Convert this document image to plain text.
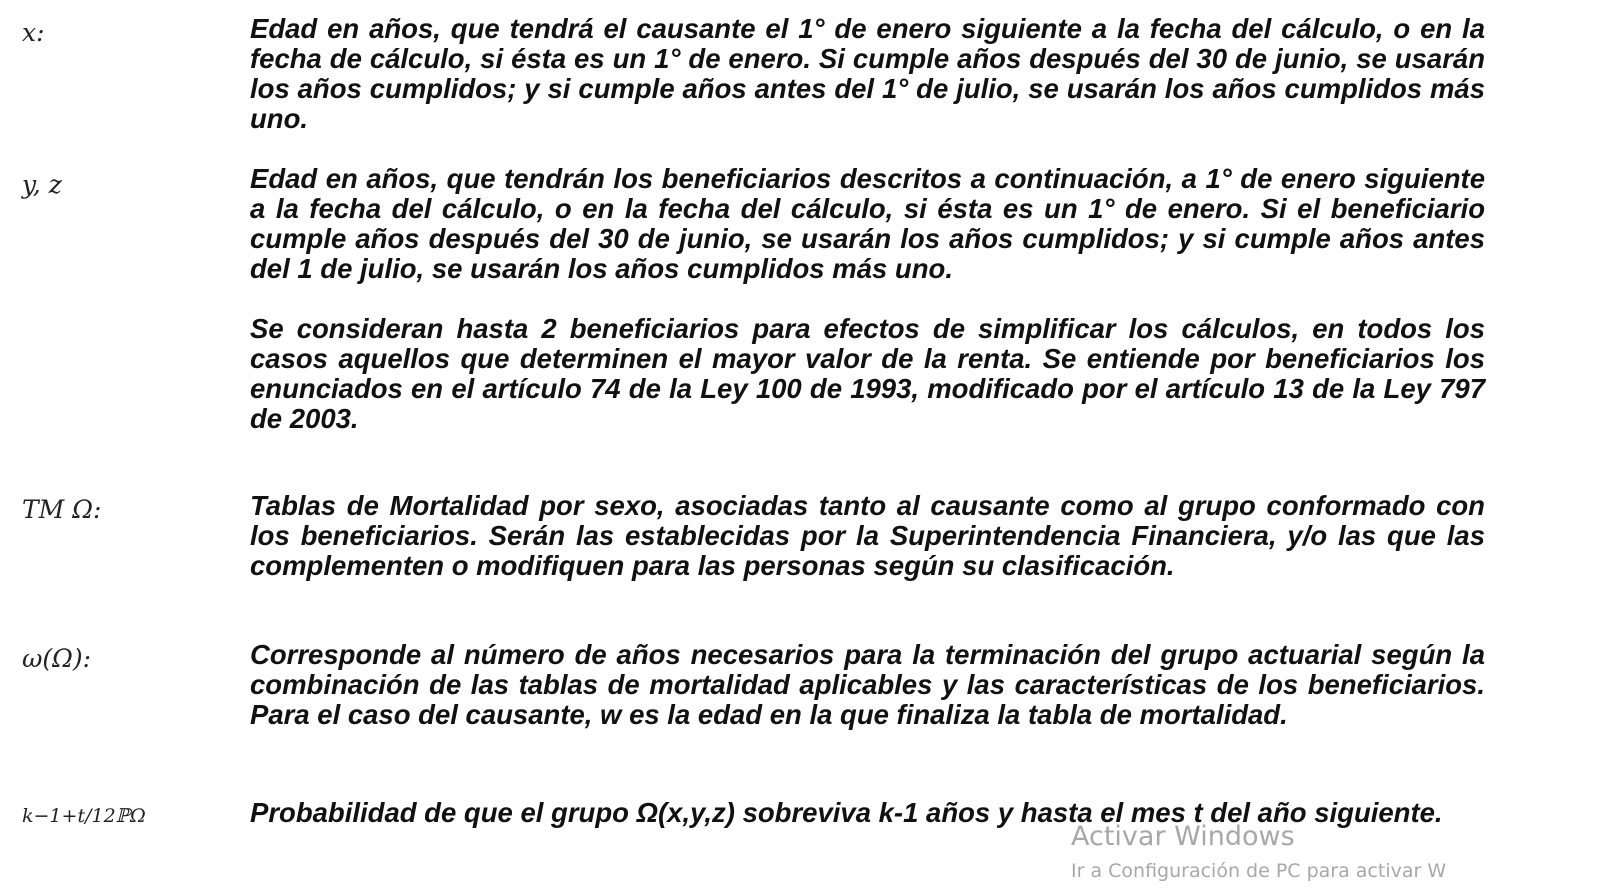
x:	Edad en años, que tendrá el causante el 1° de enero siguiente a la fecha del cálculo, o en la fecha de cálculo, si ésta es un 1° de enero. Si cumple años después del 30 de junio, se usarán los años cumplidos; y si cumple años antes del 1° de julio, se usarán los años cumplidos más uno.

y, z	Edad en años, que tendrán los beneficiarios descritos a continuación, a 1° de enero siguiente a la fecha del cálculo, o en la fecha del cálculo, si ésta es un 1° de enero. Si el beneficiario cumple años después del 30 de junio, se usarán los años cumplidos; y si cumple años antes del 1 de julio, se usarán los años cumplidos más uno.

Se consideran hasta 2 beneficiarios para efectos de simplificar los cálculos, en todos los casos aquellos que determinen el mayor valor de la renta. Se entiende por beneficiarios los enunciados en el artículo 74 de la Ley 100 de 1993, modificado por el artículo 13 de la Ley 797 de 2003.

TM Ω:	Tablas de Mortalidad por sexo, asociadas tanto al causante como al grupo conformado con los beneficiarios. Serán las establecidas por la Superintendencia Financiera, y/o las que las complementen o modifiquen para las personas según su clasificación.

ω(Ω):	Corresponde al número de años necesarios para la terminación del grupo actuarial según la combinación de las tablas de mortalidad aplicables y las características de los beneficiarios. Para el caso del causante, w es la edad en la que finaliza la tabla de mortalidad.

k−1+t/12ℙΩ	Probabilidad de que el grupo Ω(x,y,z) sobreviva k-1 años y hasta el mes t del año siguiente.

Activar Windows
Ir a Configuración de PC para activar W
